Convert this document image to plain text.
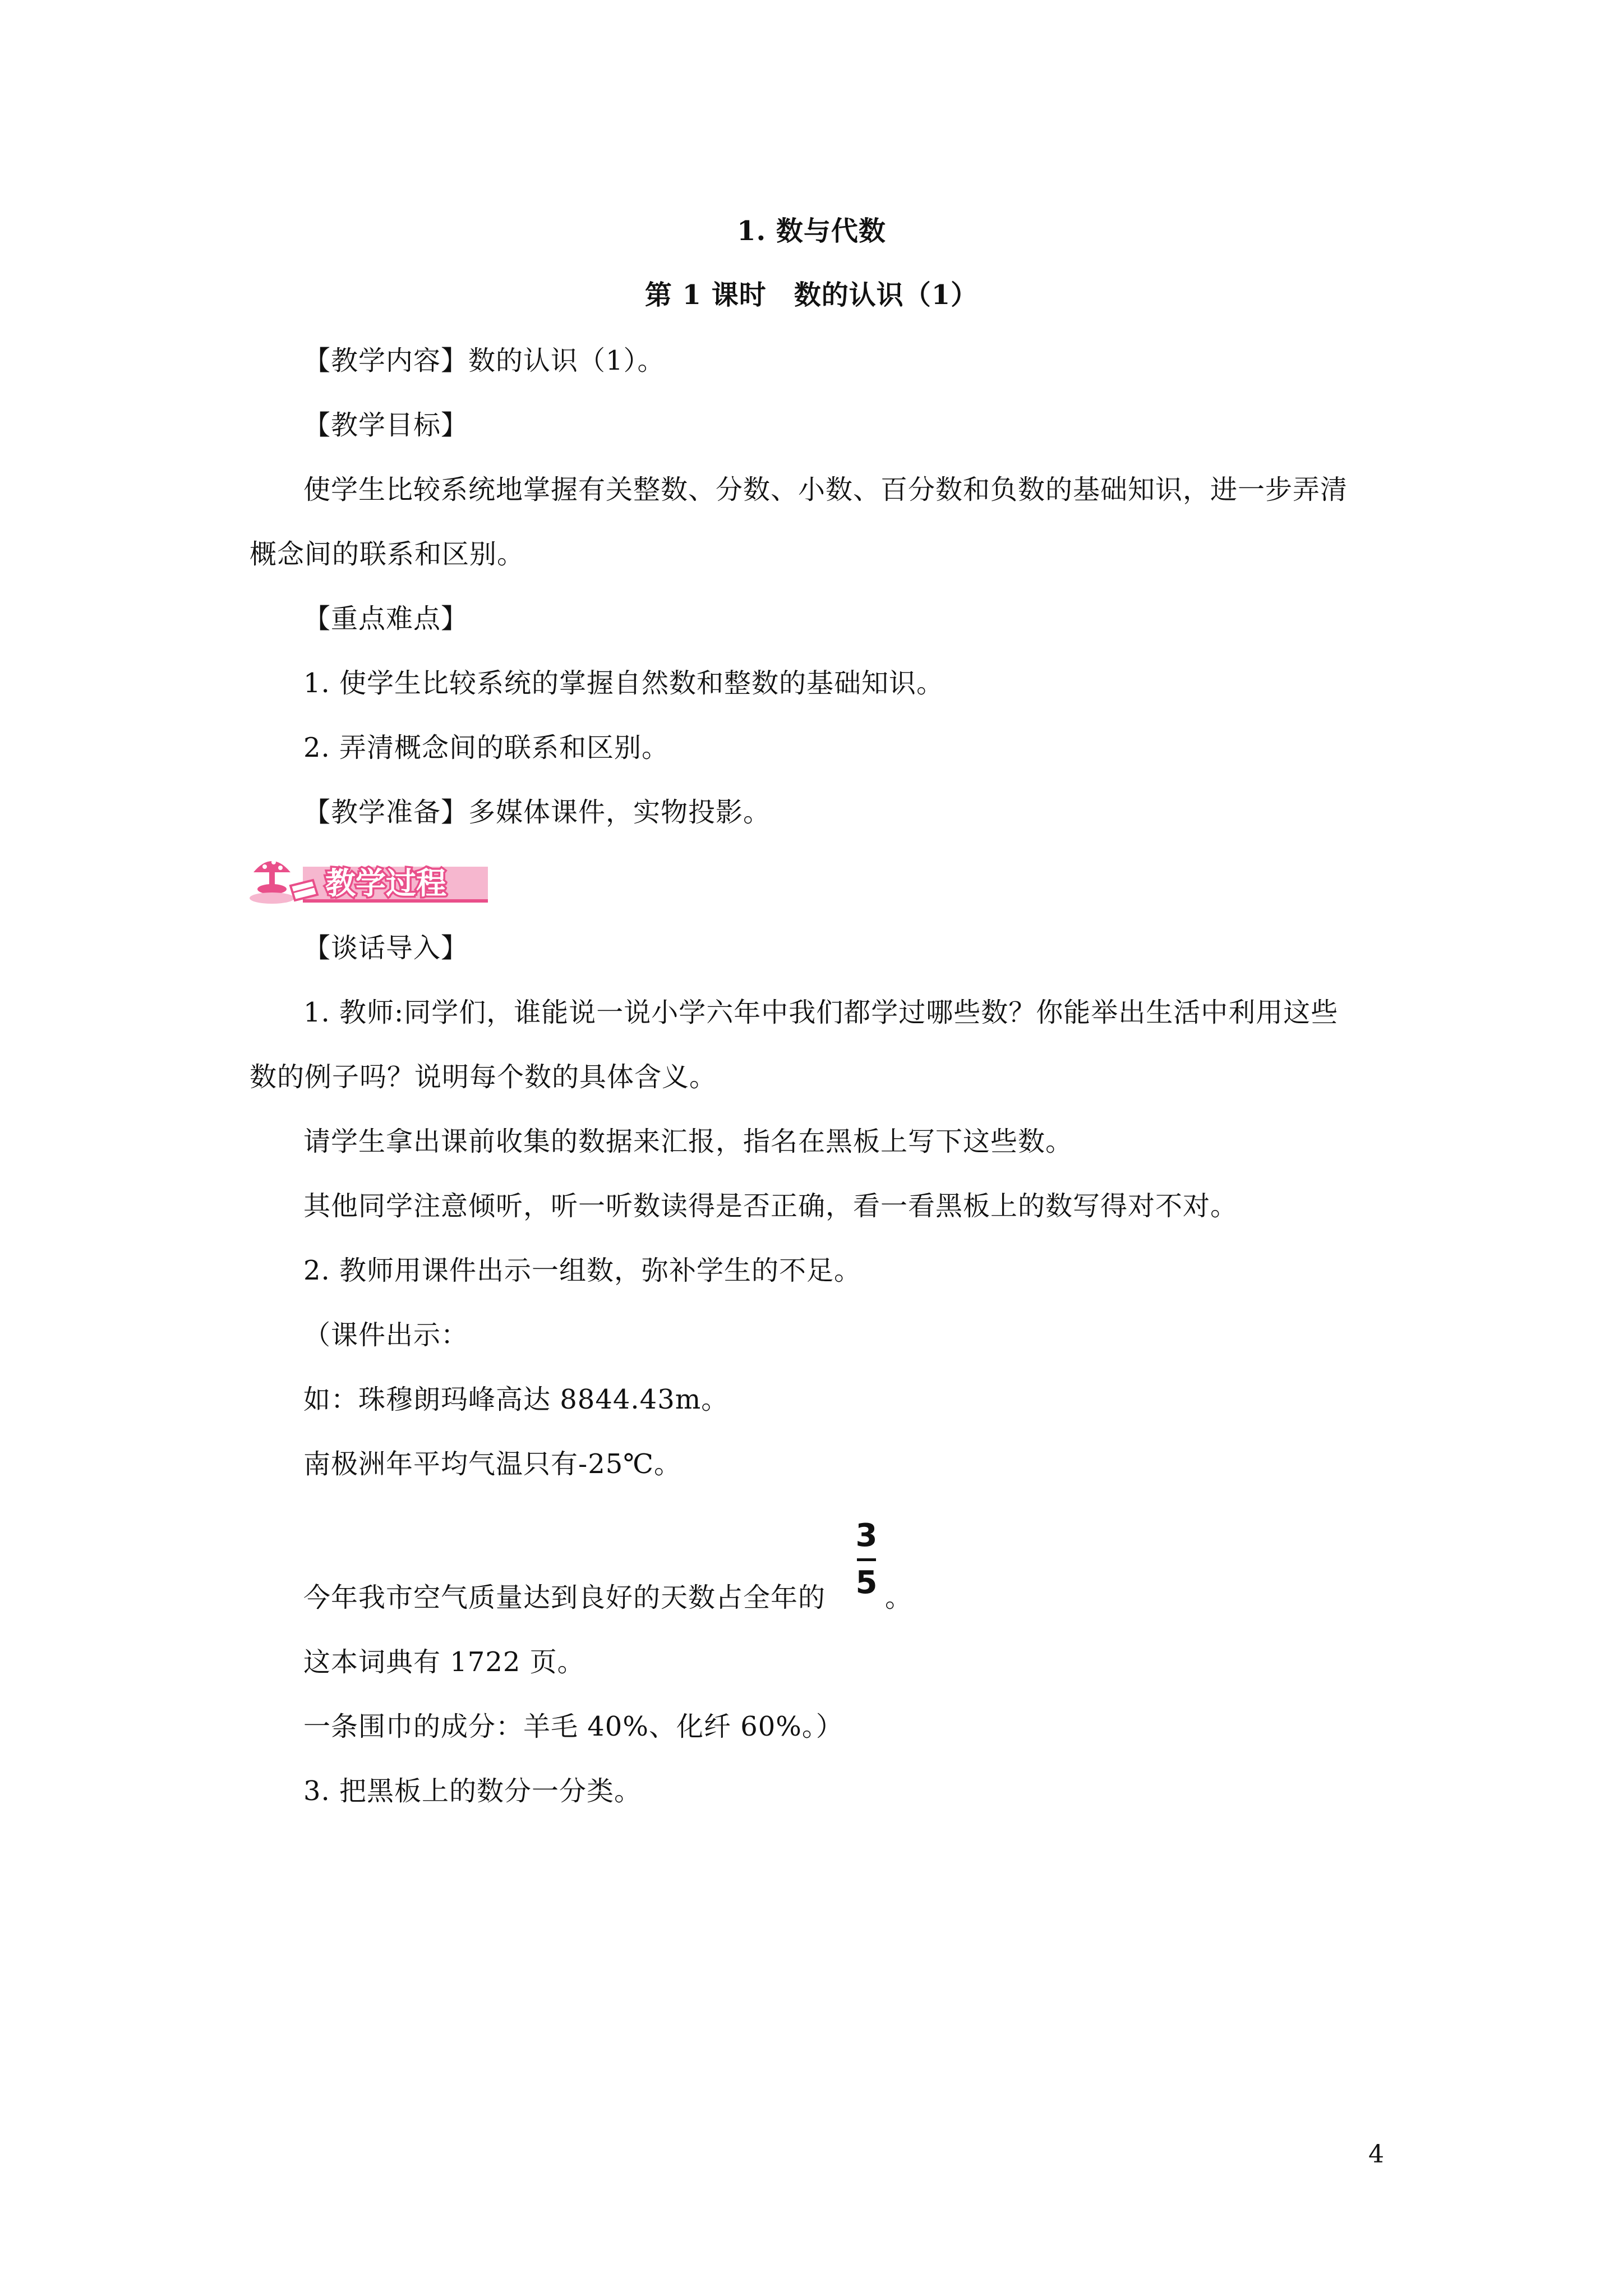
1. 数与代数
第 1 课时　数的认识（1）
【教学内容】数的认识（1）。
【教学目标】
使学生比较系统地掌握有关整数、分数、小数、百分数和负数的基础知识，进一步弄清
概念间的联系和区别。
【重点难点】
1. 使学生比较系统的掌握自然数和整数的基础知识。
2. 弄清概念间的联系和区别。
【教学准备】多媒体课件，实物投影。
教学过程
【谈话导入】
1. 教师:同学们，谁能说一说小学六年中我们都学过哪些数？你能举出生活中利用这些
数的例子吗？说明每个数的具体含义。
请学生拿出课前收集的数据来汇报，指名在黑板上写下这些数。
其他同学注意倾听，听一听数读得是否正确，看一看黑板上的数写得对不对。
2. 教师用课件出示一组数，弥补学生的不足。
（课件出示：
如：珠穆朗玛峰高达 8844.43m。
南极洲年平均气温只有-25℃。
今年我市空气质量达到良好的天数占全年的
3
5 。
这本词典有 1722 页。
一条围巾的成分：羊毛 40%、化纤 60%。）
3. 把黑板上的数分一分类。
4
